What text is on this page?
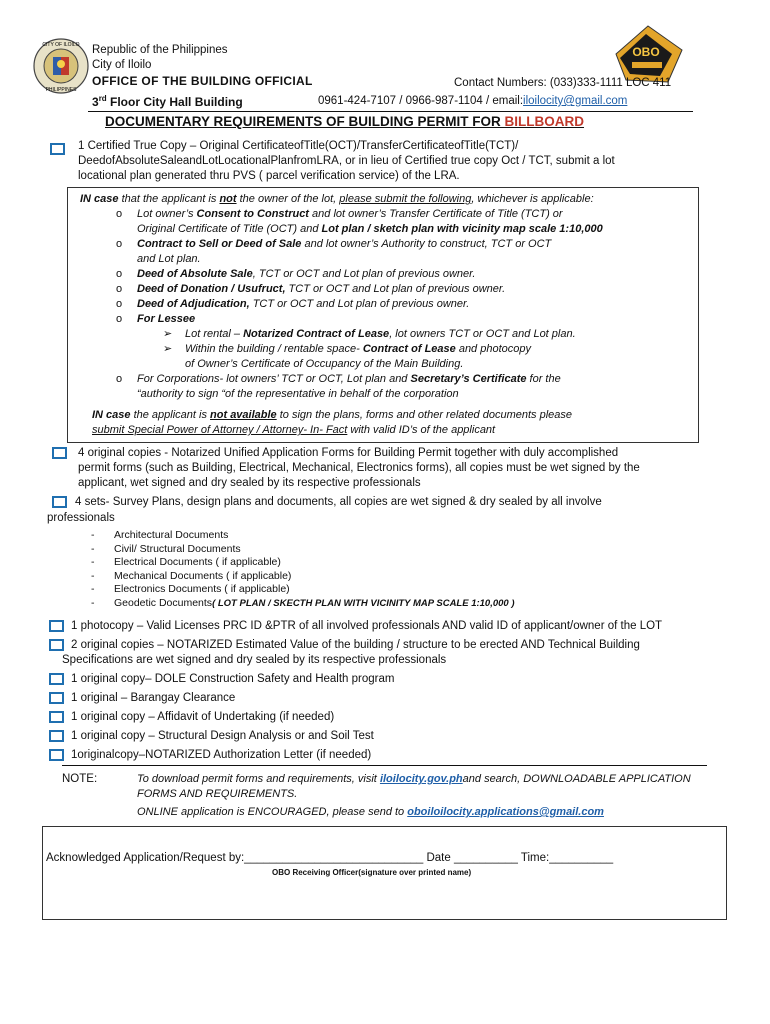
CITY OF ILOILO
PHILIPPINES
OBO
Republic of the Philippines
City of Iloilo
OFFICE OF THE BUILDING OFFICIAL
3rd Floor City Hall Building
Contact Numbers: (033)333-1111 LOC 411
0961-424-7107 / 0966-987-1104 / email:iloilocity@gmail.com
DOCUMENTARY REQUIREMENTS OF BUILDING PERMIT FOR BILLBOARD
1 Certified True Copy – Original CertificateofTitle(OCT)/TransferCertificateofTitle(TCT)/
DeedofAbsoluteSaleandLotLocationalPlanfromLRA, or in lieu of Certified true copy Oct / TCT, submit a lot
locational plan generated thru PVS ( parcel verification service) of the LRA.
IN case that the applicant is not the owner of the lot, please submit the following, whichever is applicable:
o Lot owner’s Consent to Construct and lot owner’s Transfer Certificate of Title (TCT) or
Original Certificate of Title (OCT) and Lot plan / sketch plan with vicinity map scale 1:10,000
o Contract to Sell or Deed of Sale and lot owner’s Authority to construct, TCT or OCT
and Lot plan.
o Deed of Absolute Sale, TCT or OCT and Lot plan of previous owner.
o Deed of Donation / Usufruct, TCT or OCT and Lot plan of previous owner.
o Deed of Adjudication, TCT or OCT and Lot plan of previous owner.
o For Lessee
➢ Lot rental – Notarized Contract of Lease, lot owners TCT or OCT and Lot plan.
➢ Within the building / rentable space- Contract of Lease and photocopy
of Owner’s Certificate of Occupancy of the Main Building.
o For Corporations- lot owners’ TCT or OCT, Lot plan and Secretary’s Certificate for the
“authority to sign “of the representative in behalf of the corporation
IN case the applicant is not available to sign the plans, forms and other related documents please
submit Special Power of Attorney / Attorney- In- Fact with valid ID’s of the applicant
4 original copies - Notarized Unified Application Forms for Building Permit together with duly accomplished
permit forms (such as Building, Electrical, Mechanical, Electronics forms), all copies must be wet signed by the
applicant, wet signed and dry sealed by its respective professionals
4 sets- Survey Plans, design plans and documents, all copies are wet signed & dry sealed by all involve
professionals
- Architectural Documents
- Civil/ Structural Documents
- Electrical Documents ( if applicable)
- Mechanical Documents ( if applicable)
- Electronics Documents ( if applicable)
- Geodetic Documents( LOT PLAN / SKECTH PLAN WITH VICINITY MAP SCALE 1:10,000 )
1 photocopy – Valid Licenses PRC ID &PTR of all involved professionals AND valid ID of applicant/owner of the LOT
2 original copies – NOTARIZED Estimated Value of the building / structure to be erected AND Technical Building
Specifications are wet signed and dry sealed by its respective professionals
1 original copy– DOLE Construction Safety and Health program
1 original – Barangay Clearance
1 original copy – Affidavit of Undertaking (if needed)
1 original copy – Structural Design Analysis or and Soil Test
1originalcopy–NOTARIZED Authorization Letter (if needed)
NOTE:	To download permit forms and requirements, visit iloilocity.gov.phand search, DOWNLOADABLE APPLICATION
FORMS AND REQUIREMENTS.
ONLINE application is ENCOURAGED, please send to oboiloilocity.applications@gmail.com
Acknowledged Application/Request by:____________________________ Date __________ Time:__________
OBO Receiving Officer(signature over printed name)
